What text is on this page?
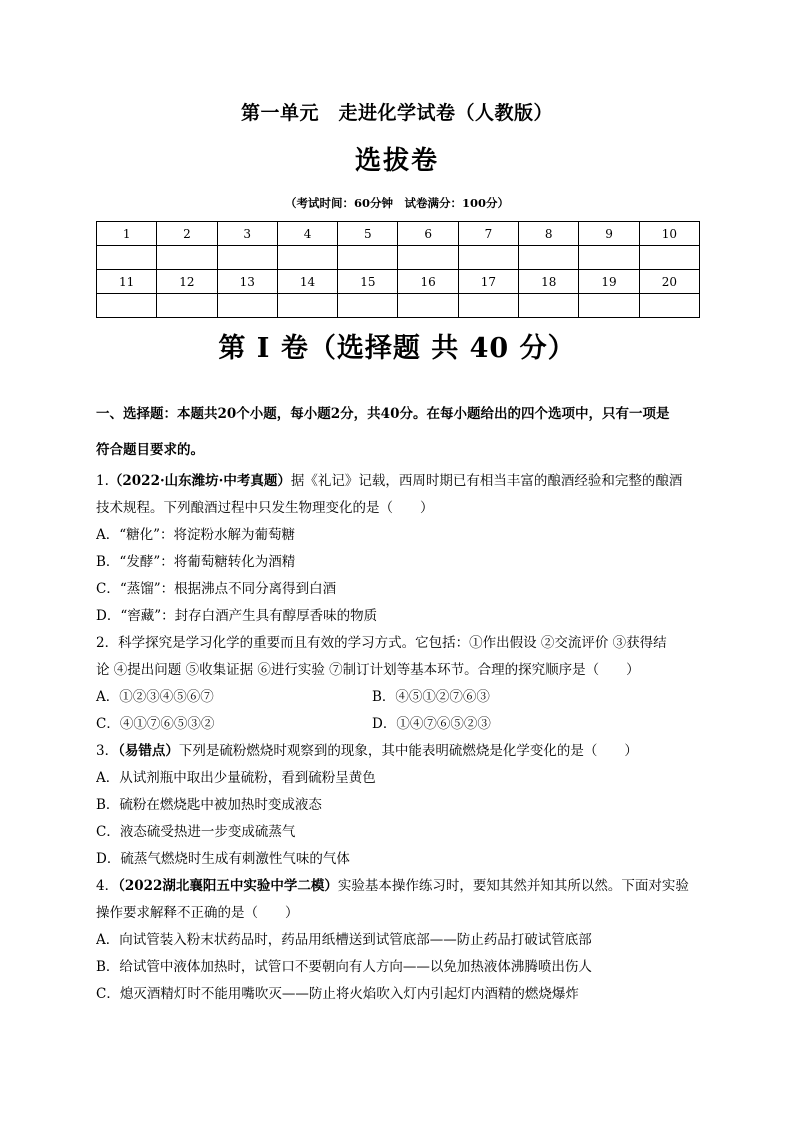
第一单元　走进化学试卷（人教版）
选拔卷
（考试时间：60分钟　试卷满分：100分）
1	2	3	4	5	6	7	8	9	10

11	12	13	14	15	16	17	18	19	20

第 I 卷（选择题 共 40 分）
一、选择题：本题共20个小题，每小题2分，共40分。在每小题给出的四个选项中，只有一项是
符合题目要求的。
1.（2022·山东潍坊·中考真题）据《礼记》记载，西周时期已有相当丰富的酿酒经验和完整的酿酒
技术规程。下列酿酒过程中只发生物理变化的是（　　）
A．“糖化”：将淀粉水解为葡萄糖
B．“发酵”：将葡萄糖转化为酒精
C．“蒸馏”：根据沸点不同分离得到白酒
D．“窖藏”：封存白酒产生具有醇厚香味的物质
2．科学探究是学习化学的重要而且有效的学习方式。它包括：①作出假设 ②交流评价 ③获得结
论 ④提出问题 ⑤收集证据 ⑥进行实验 ⑦制订计划等基本环节。合理的探究顺序是（　　）
A．①②③④⑤⑥⑦	B．④⑤①②⑦⑥③
C．④①⑦⑥⑤③②	D．①④⑦⑥⑤②③
3．（易错点）下列是硫粉燃烧时观察到的现象，其中能表明硫燃烧是化学变化的是（　　）
A．从试剂瓶中取出少量硫粉，看到硫粉呈黄色
B．硫粉在燃烧匙中被加热时变成液态
C．液态硫受热进一步变成硫蒸气
D．硫蒸气燃烧时生成有刺激性气味的气体
4．（2022湖北襄阳五中实验中学二模）实验基本操作练习时，要知其然并知其所以然。下面对实验
操作要求解释不正确的是（　　）
A．向试管装入粉末状药品时，药品用纸槽送到试管底部——防止药品打破试管底部
B．给试管中液体加热时，试管口不要朝向有人方向——以免加热液体沸腾喷出伤人
C．熄灭酒精灯时不能用嘴吹灭——防止将火焰吹入灯内引起灯内酒精的燃烧爆炸
